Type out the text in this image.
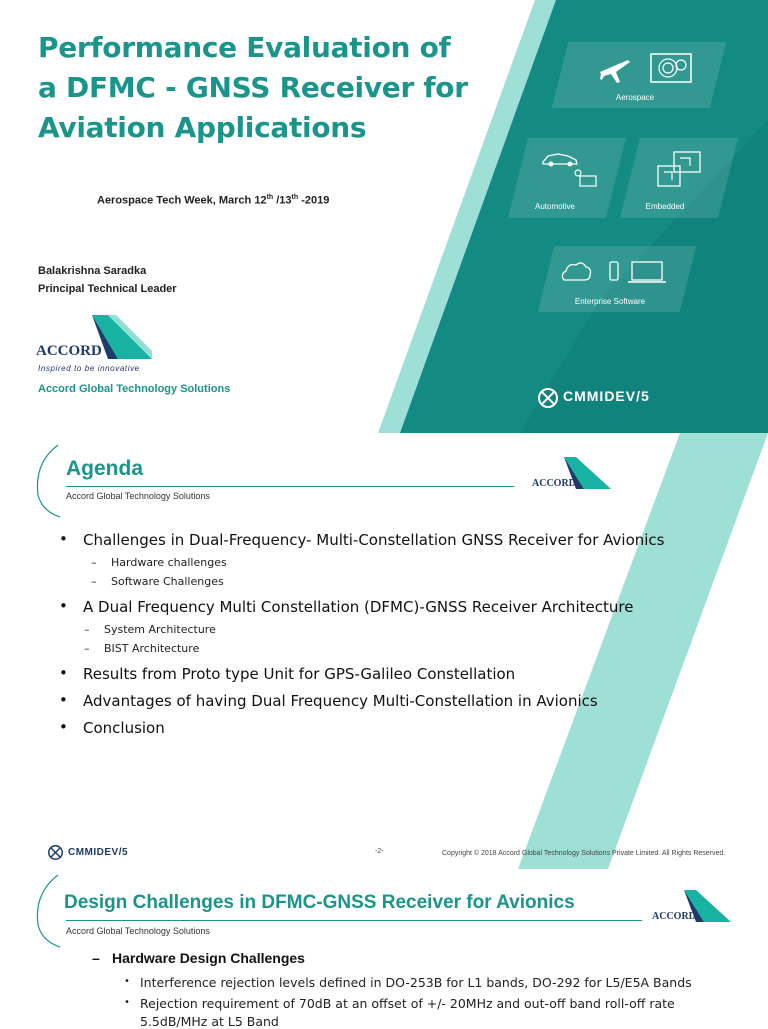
Performance Evaluation of a DFMC - GNSS Receiver for Aviation Applications
Aerospace Tech Week, March 12th /13th -2019
Balakrishna Saradka
Principal Technical Leader
ACCORD
Inspired to be innovative
Accord Global Technology Solutions
Aerospace
Automotive	Embedded
Enterprise Software
CMMIDEV/5
Agenda
Accord Global Technology Solutions
ACCORD
• Challenges in Dual-Frequency- Multi-Constellation GNSS Receiver for Avionics
– Hardware challenges
– Software Challenges
• A Dual Frequency Multi Constellation (DFMC)-GNSS Receiver Architecture
– System Architecture
– BIST Architecture
• Results from Proto type Unit for GPS-Galileo Constellation
• Advantages of having Dual Frequency Multi-Constellation in Avionics
• Conclusion
CMMIDEV/5	-2-	Copyright © 2018 Accord Global Technology Solutions Private Limited. All Rights Reserved.
Design Challenges in DFMC-GNSS Receiver for Avionics
Accord Global Technology Solutions
ACCORD
– Hardware Design Challenges
• Interference rejection levels defined in DO-253B for L1 bands, DO-292 for L5/E5A Bands
• Rejection requirement of 70dB at an offset of +/- 20MHz and out-off band roll-off rate
5.5dB/MHz at L5 Band
